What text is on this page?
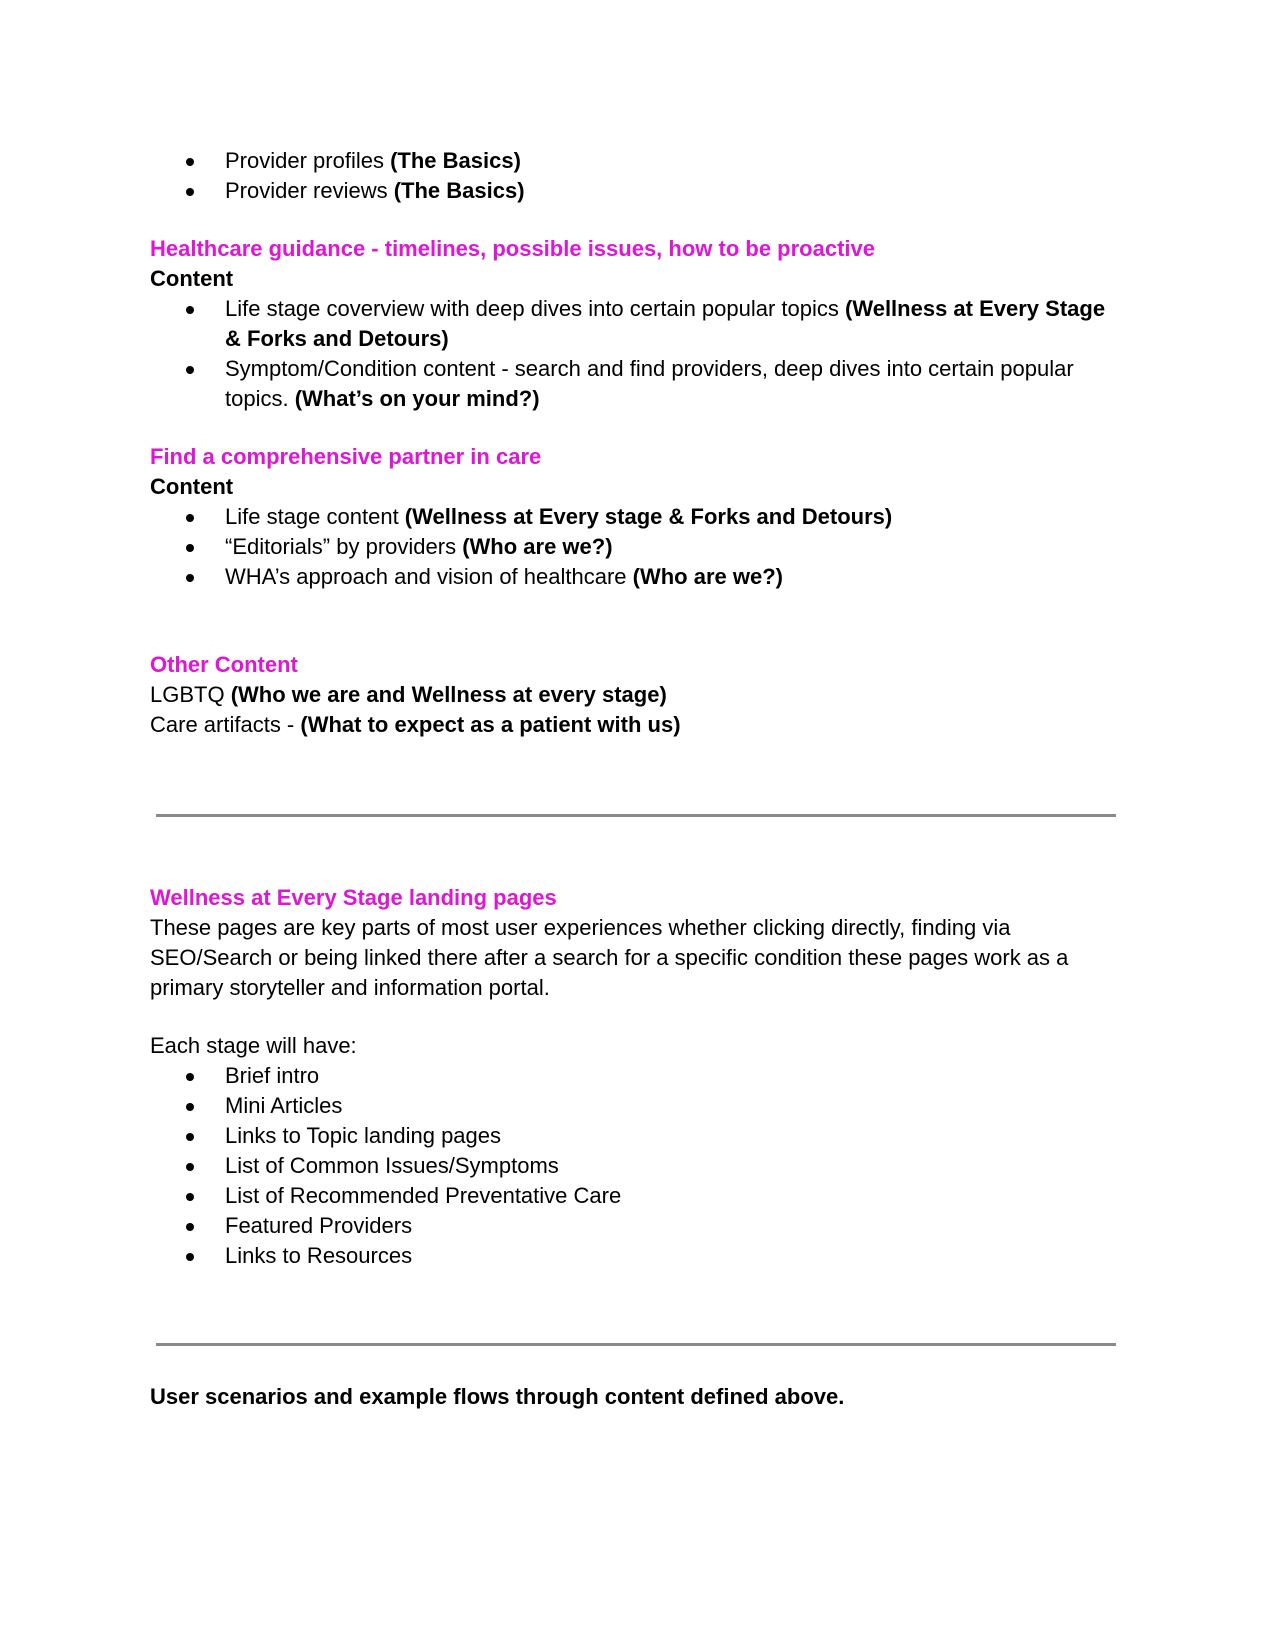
Provider profiles (The Basics)
Provider reviews (The Basics)

Healthcare guidance - timelines, possible issues, how to be proactive

Content

Life stage coverview with deep dives into certain popular topics (Wellness at Every Stage & Forks and Detours)
Symptom/Condition content - search and find providers, deep dives into certain popular topics. (What’s on your mind?)

Find a comprehensive partner in care

Content

Life stage content (Wellness at Every stage & Forks and Detours)
“Editorials” by providers (Who are we?)
WHA’s approach and vision of healthcare (Who are we?)

Other Content

LGBTQ (Who we are and Wellness at every stage)

Care artifacts - (What to expect as a patient with us)

Wellness at Every Stage landing pages

These pages are key parts of most user experiences whether clicking directly, finding via SEO/Search or being linked there after a search for a specific condition these pages work as a primary storyteller and information portal.

Each stage will have:

Brief intro
Mini Articles
Links to Topic landing pages
List of Common Issues/Symptoms
List of Recommended Preventative Care
Featured Providers
Links to Resources

User scenarios and example flows through content defined above.
